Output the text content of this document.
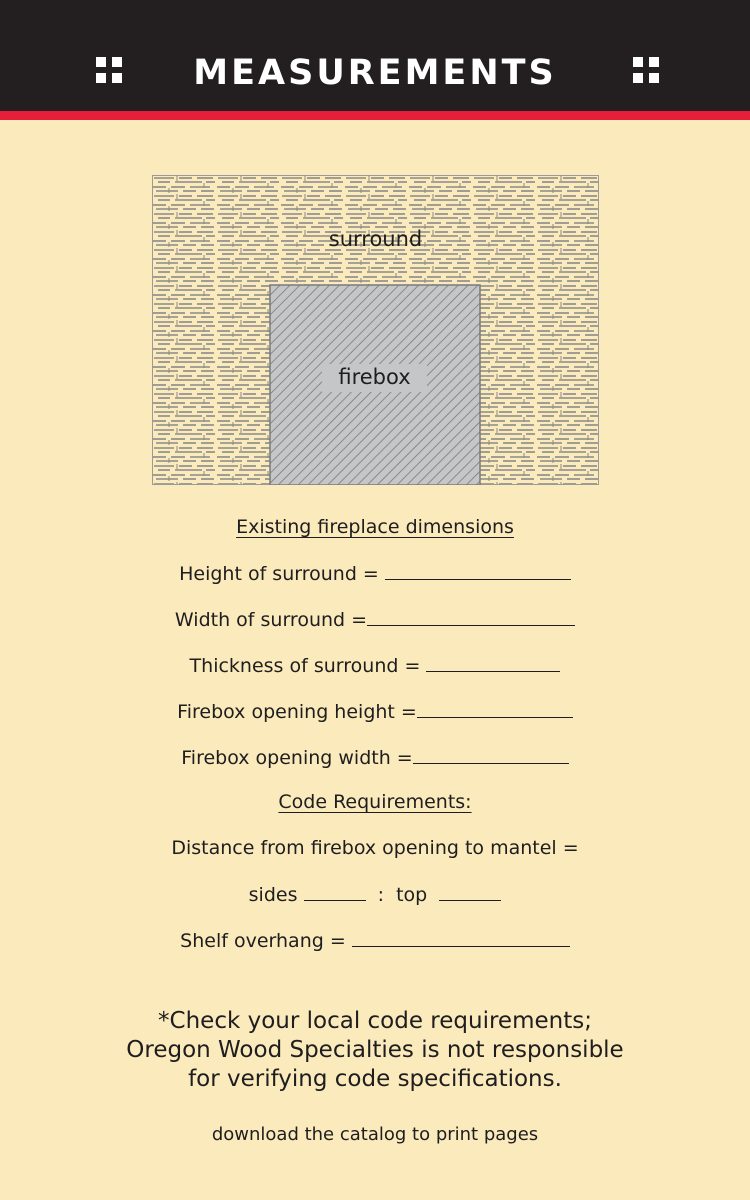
MEASUREMENTS
surround
firebox
Existing fireplace dimensions
Height of surround =
Width of surround =
Thickness of surround =
Firebox opening height =
Firebox opening width =
Code Requirements:
Distance from firebox opening to mantel =
sides	:  top
Shelf overhang =
*Check your local code requirements;
Oregon Wood Specialties is not responsible
for verifying code specifications.
download the catalog to print pages
